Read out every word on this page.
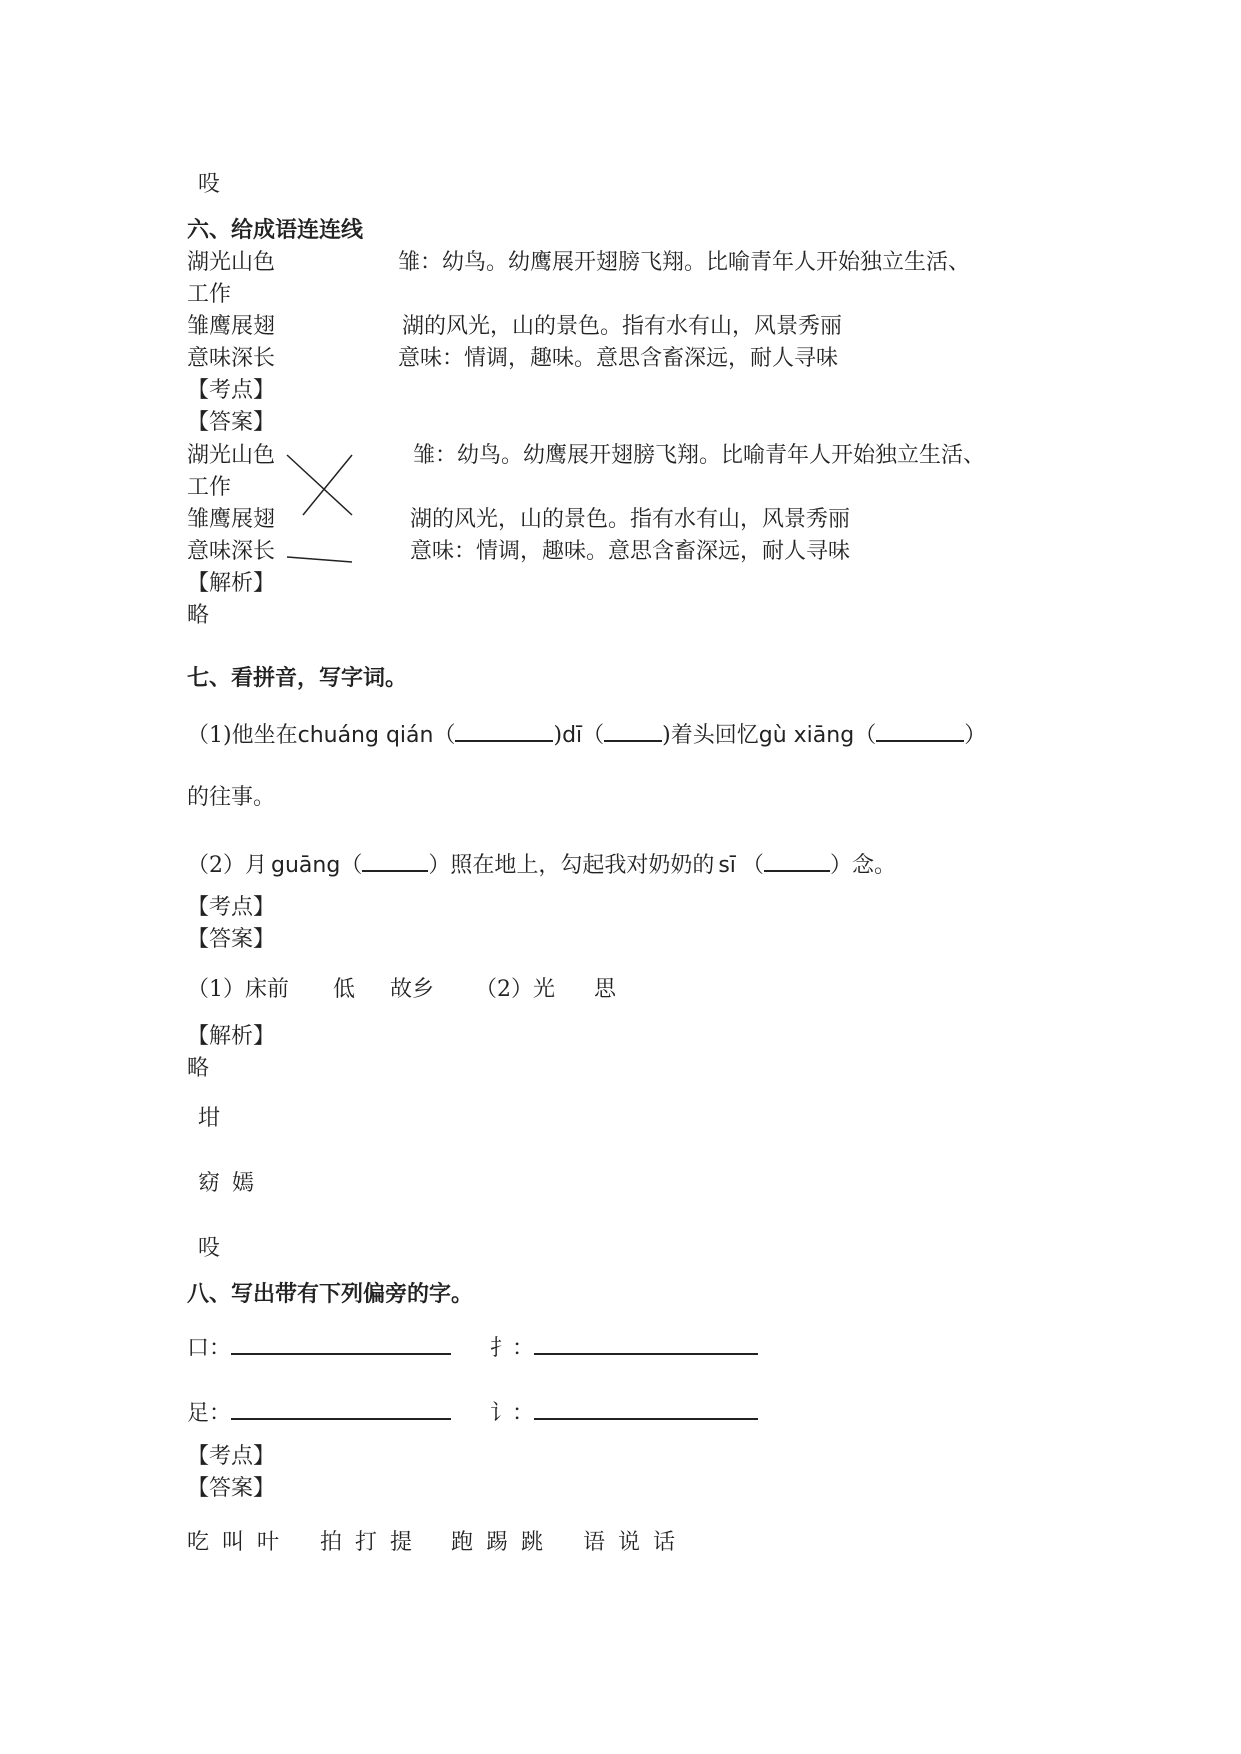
吺
六、给成语连连线
湖光山色	雏：幼鸟。幼鹰展开翅膀飞翔。比喻青年人开始独立生活、
工作
雏鹰展翅	湖的风光，山的景色。指有水有山，风景秀丽
意味深长	意味：情调，趣味。意思含畜深远，耐人寻味
【考点】
【答案】
湖光山色	雏：幼鸟。幼鹰展开翅膀飞翔。比喻青年人开始独立生活、
工作
雏鹰展翅	湖的风光，山的景色。指有水有山，风景秀丽
意味深长	意味：情调，趣味。意思含畜深远，耐人寻味
【解析】
略
七、看拼音，写字词。
（1)他坐在chuáng qián（	)dī（	)着头回忆gù xiāng（	）
的往事。
（2）月 guāng（	）照在地上，勾起我对奶奶的 sī （	）念。
【考点】
【答案】
（1）床前 低 故乡 （2）光 思
【解析】
略
坩
窈 嫣
吺
八、写出带有下列偏旁的字。
口：	扌：
足：	讠：
【考点】
【答案】
吃 叫 叶 拍 打 提 跑 踢 跳 语 说 话
